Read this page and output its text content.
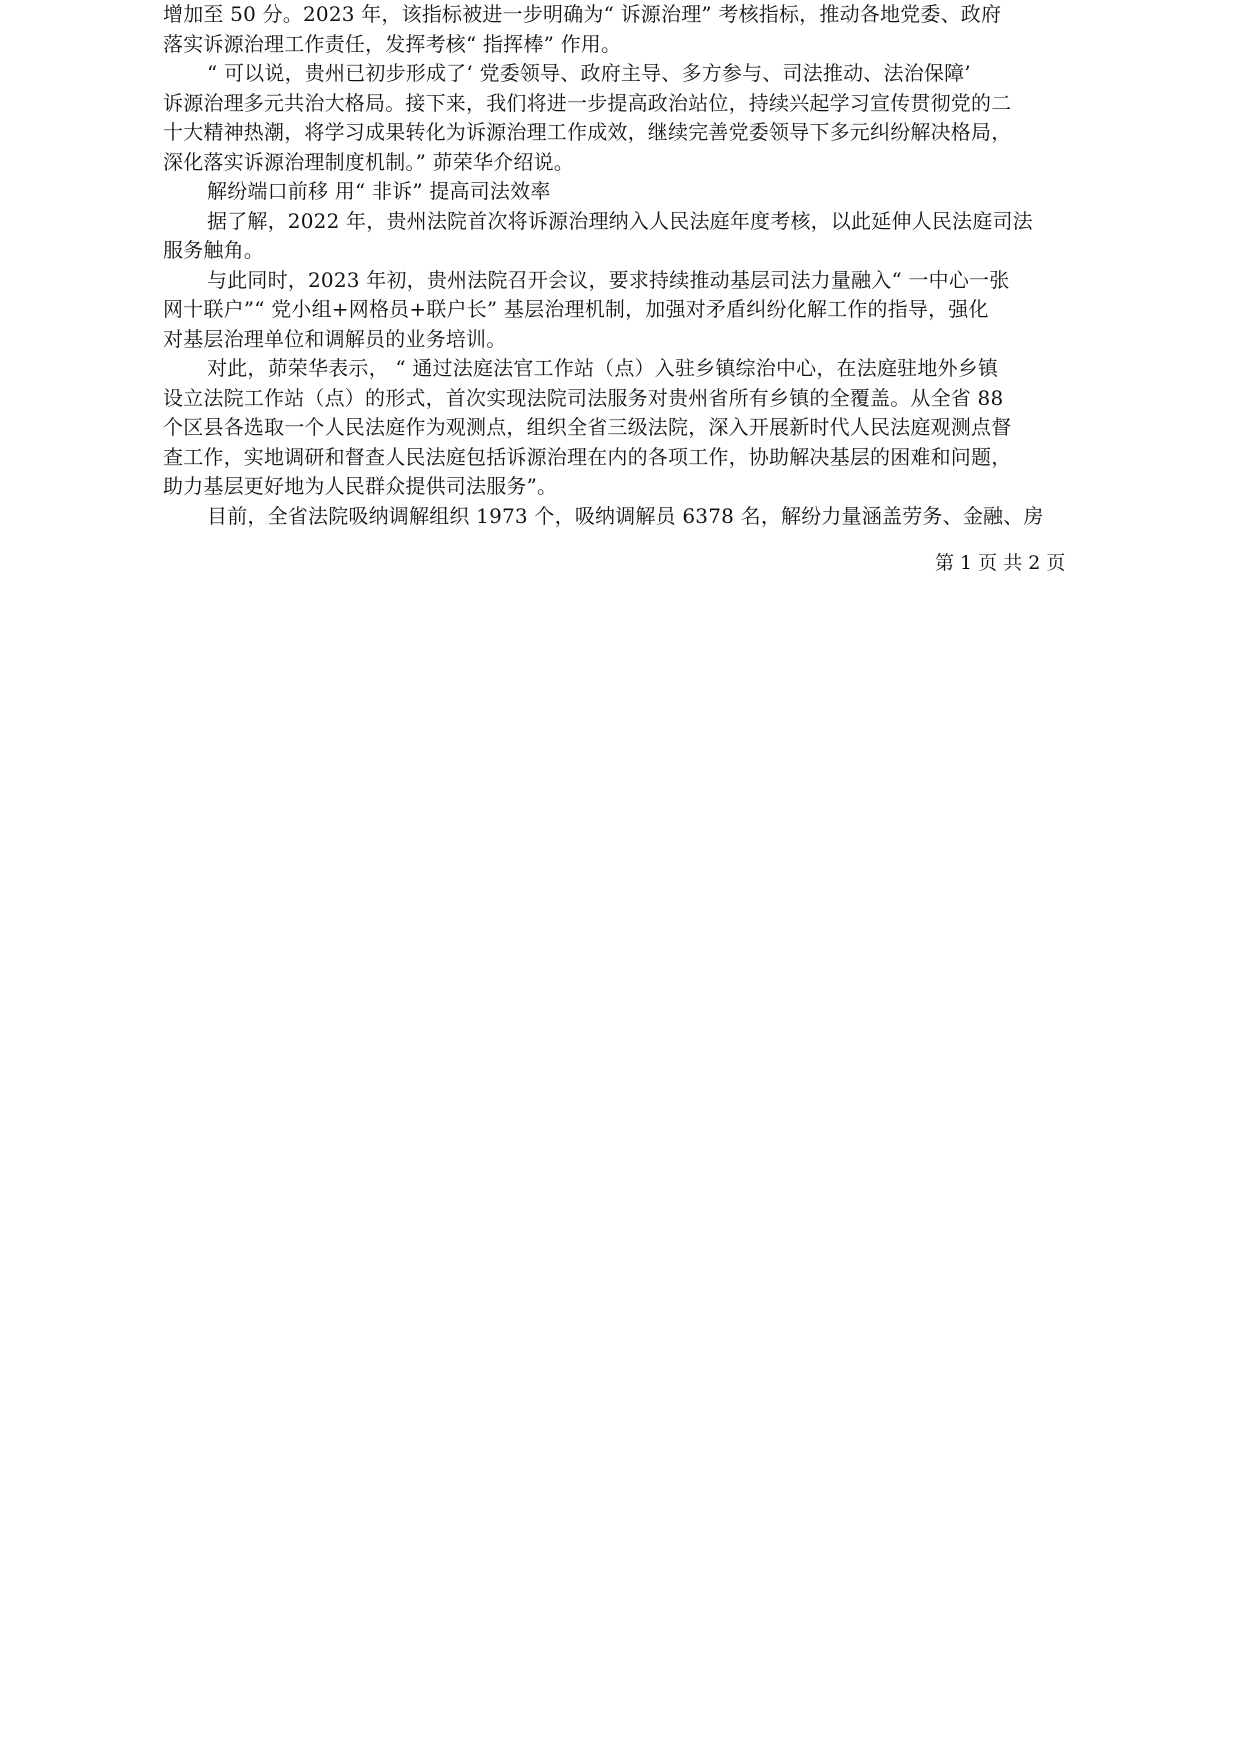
增加至 50 分。2023 年，该指标被进一步明确为“ 诉源治理” 考核指标，推动各地党委、政府
落实诉源治理工作责任，发挥考核“ 指挥棒” 作用。
“ 可以说，贵州已初步形成了‘ 党委领导、政府主导、多方参与、司法推动、法治保障’
诉源治理多元共治大格局。接下来，我们将进一步提高政治站位，持续兴起学习宣传贯彻党的二
十大精神热潮，将学习成果转化为诉源治理工作成效，继续完善党委领导下多元纠纷解决格局，
深化落实诉源治理制度机制。” 茆荣华介绍说。
解纷端口前移 用“ 非诉” 提高司法效率
据了解，2022 年，贵州法院首次将诉源治理纳入人民法庭年度考核，以此延伸人民法庭司法
服务触角。
与此同时，2023 年初，贵州法院召开会议，要求持续推动基层司法力量融入“ 一中心一张
网十联户”“ 党小组+网格员+联户长” 基层治理机制，加强对矛盾纠纷化解工作的指导，强化
对基层治理单位和调解员的业务培训。
对此，茆荣华表示， “ 通过法庭法官工作站（点）入驻乡镇综治中心，在法庭驻地外乡镇
设立法院工作站（点）的形式，首次实现法院司法服务对贵州省所有乡镇的全覆盖。从全省 88
个区县各选取一个人民法庭作为观测点，组织全省三级法院，深入开展新时代人民法庭观测点督
查工作，实地调研和督查人民法庭包括诉源治理在内的各项工作，协助解决基层的困难和问题，
助力基层更好地为人民群众提供司法服务”。
目前，全省法院吸纳调解组织 1973 个，吸纳调解员 6378 名，解纷力量涵盖劳务、金融、房
第 1 页 共 2 页
